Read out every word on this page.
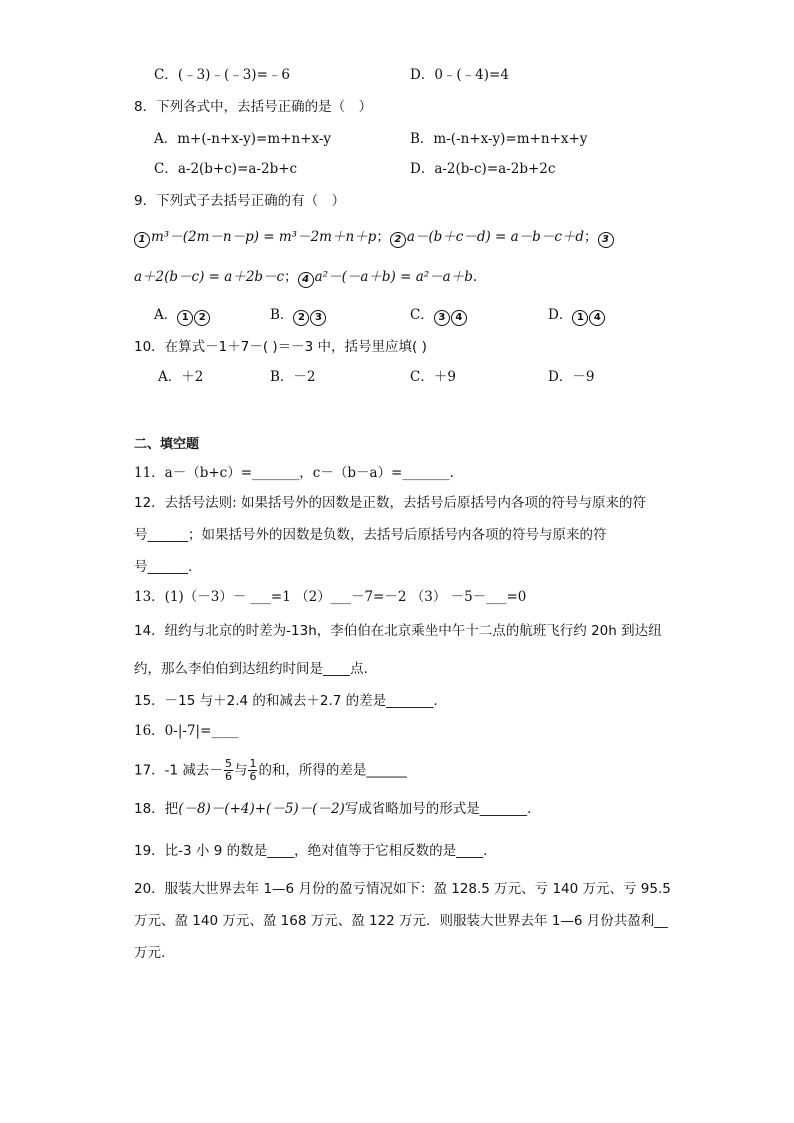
C．(﹣3)﹣(﹣3)=﹣6	D．0﹣(﹣4)=4
8．下列各式中，去括号正确的是（　）
A．m+(-n+x-y)=m+n+x-y	B．m-(-n+x-y)=m+n+x+y
C．a-2(b+c)=a-2b+c	D．a-2(b-c)=a-2b+2c
9．下列式子去括号正确的有（　）
1 m³－(2m－n－p) = m³－2m＋n＋p； 2 a－(b＋c－d) = a－b－c＋d； 3
a＋2(b－c) = a＋2b－c； 4 a²－(－a＋b) = a²－a＋b.
A． 1 2	B． 2 3	C． 3 4	D． 1 4
10．在算式－1＋7－( )＝－3 中，括号里应填( )
A．＋2	B．－2	C．＋9	D．－9
二、填空题
11．a－（b+c）=_______，c－（b－a）=_______.
12．去括号法则: 如果括号外的因数是正数，去括号后原括号内各项的符号与原来的符
号______；如果括号外的因数是负数，去括号后原括号内各项的符号与原来的符
号______.
13．(1)（－3）－ ___=1 （2）___－7=－2 （3） －5－___=0
14．纽约与北京的时差为-13h，李伯伯在北京乘坐中午十二点的航班飞行约 20h 到达纽
约，那么李伯伯到达纽约时间是____点.
15．－15 与＋2.4 的和减去＋2.7 的差是_______.
16．0-|-7|=____
17．-1 减去－ $\frac{5}{6}$ 与 $\frac{1}{6}$ 的和，所得的差是______
18．把(－8)－(+4)+(－5)－(－2)写成省略加号的形式是_______.
19．比-3 小 9 的数是____，绝对值等于它相反数的是____.
20．服装大世界去年 1—6 月份的盈亏情况如下：盈 128.5 万元、亏 140 万元、亏 95.5
万元、盈 140 万元、盈 168 万元、盈 122 万元．则服装大世界去年 1—6 月份共盈利__
万元.
